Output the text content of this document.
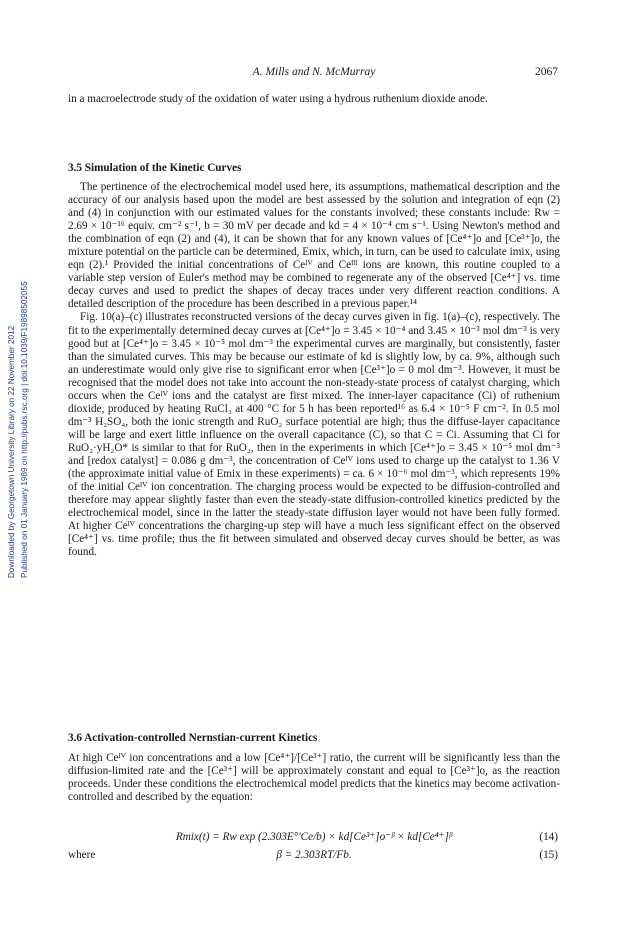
Downloaded by Georgetown University Library on 22 November 2012 Published on 01 January 1989 on http://pubs.rsc.org | doi:10.1039/F19898502055
A. Mills and N. McMurray	2067

in a macroelectrode study of the oxidation of water using a hydrous ruthenium dioxide anode.

3.5 Simulation of the Kinetic Curves

The pertinence of the electrochemical model used here, its assumptions, mathematical description and the accuracy of our analysis based upon the model are best assessed by the solution and integration of eqn (2) and (4) in conjunction with our estimated values for the constants involved; these constants include: Rw = 2.69 × 10⁻¹⁶ equiv. cm⁻² s⁻¹, b = 30 mV per decade and kd = 4 × 10⁻⁴ cm s⁻¹. Using Newton's method and the combination of eqn (2) and (4), it can be shown that for any known values of [Ce⁴⁺]o and [Ce³⁺]o, the mixture potential on the particle can be determined, Emix, which, in turn, can be used to calculate imix, using eqn (2).¹ Provided the initial concentrations of Ceᴵⱽ and Ceᴵᴵᴵ ions are known, this routine coupled to a variable step version of Euler's method may be combined to regenerate any of the observed [Ce⁴⁺] vs. time decay curves and used to predict the shapes of decay traces under very different reaction conditions. A detailed description of the procedure has been described in a previous paper.¹⁴

Fig. 10(a)–(c) illustrates reconstructed versions of the decay curves given in fig. 1(a)–(c), respectively. The fit to the experimentally determined decay curves at [Ce⁴⁺]o = 3.45 × 10⁻⁴ and 3.45 × 10⁻³ mol dm⁻³ is very good but at [Ce⁴⁺]o = 3.45 × 10⁻⁵ mol dm⁻³ the experimental curves are marginally, but consistently, faster than the simulated curves. This may be because our estimate of kd is slightly low, by ca. 9%, although such an underestimate would only give rise to significant error when [Ce³⁺]o = 0 mol dm⁻³. However, it must be recognised that the model does not take into account the non-steady-state process of catalyst charging, which occurs when the Ceᴵⱽ ions and the catalyst are first mixed. The inner-layer capacitance (Ci) of ruthenium dioxide, produced by heating RuCl₃ at 400 °C for 5 h has been reported¹⁶ as 6.4 × 10⁻⁵ F cm⁻². In 0.5 mol dm⁻³ H₂SO₄, both the ionic strength and RuO₂ surface potential are high; thus the diffuse-layer capacitance will be large and exert little influence on the overall capacitance (C), so that C = Ci. Assuming that Ci for RuO₂·yH₂O* is similar to that for RuO₂, then in the experiments in which [Ce⁴⁺]o = 3.45 × 10⁻⁵ mol dm⁻³ and [redox catalyst] = 0.086 g dm⁻³, the concentration of Ceᴵⱽ ions used to charge up the catalyst to 1.36 V (the approximate initial value of Emix in these experiments) = ca. 6 × 10⁻⁶ mol dm⁻³, which represents 19% of the initial Ceᴵⱽ ion concentration. The charging process would be expected to be diffusion-controlled and therefore may appear slightly faster than even the steady-state diffusion-controlled kinetics predicted by the electrochemical model, since in the latter the steady-state diffusion layer would not have been fully formed. At higher Ceᴵⱽ concentrations the charging-up step will have a much less significant effect on the observed [Ce⁴⁺] vs. time profile; thus the fit between simulated and observed decay curves should be better, as was found.

3.6 Activation-controlled Nernstian-current Kinetics

At high Ceᴵⱽ ion concentrations and a low [Ce⁴⁺]/[Ce³⁺] ratio, the current will be significantly less than the diffusion-limited rate and the [Ce³⁺] will be approximately constant and equal to [Ce³⁺]o, as the reaction proceeds. Under these conditions the electrochemical model predicts that the kinetics may become activation-controlled and described by the equation:

Rmix(t) = Rw exp (2.303E°′Ce/b) × kd[Ce³⁺]o⁻ᵝ × kd[Ce⁴⁺]ᵝ	(14)
where	β = 2.303RT/Fb.	(15)
